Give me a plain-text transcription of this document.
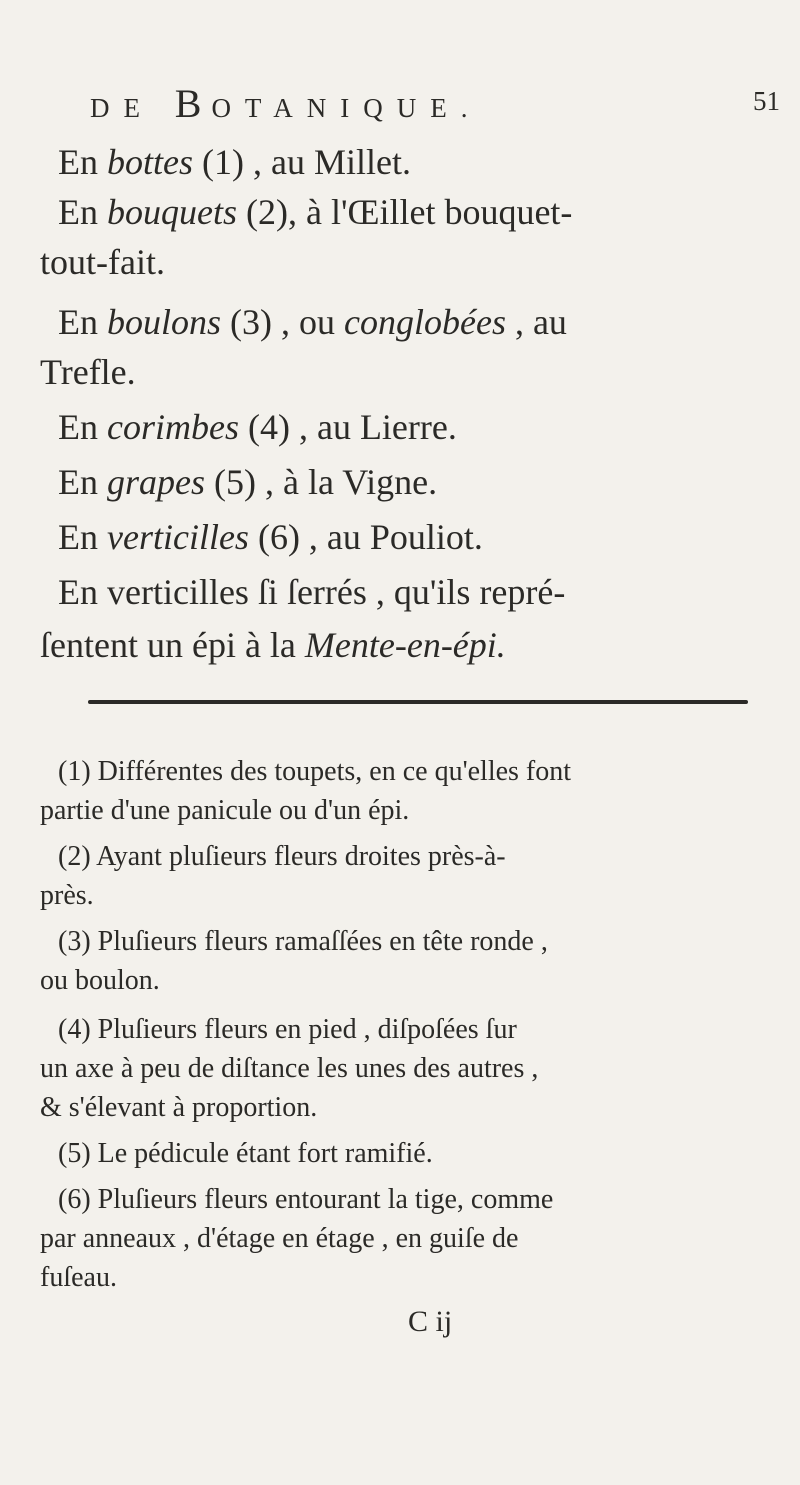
DE BOTANIQUE.	51
En bottes (1) , au Millet.
En bouquets (2), à l'Œillet bouquet-
tout-fait.
En boulons (3) , ou conglobées , au
Trefle.
En corimbes (4) , au Lierre.
En grapes (5) , à la Vigne.
En verticilles (6) , au Pouliot.
En verticilles ſi ſerrés , qu'ils repré-
ſentent un épi à la Mente-en-épi.
(1) Différentes des toupets, en ce qu'elles font
partie d'une panicule ou d'un épi.
(2) Ayant pluſieurs fleurs droites près-à-
près.
(3) Pluſieurs fleurs ramaſſées en tête ronde ,
ou boulon.
(4) Pluſieurs fleurs en pied , diſpoſées ſur
un axe à peu de diſtance les unes des autres ,
& s'élevant à proportion.
(5) Le pédicule étant fort ramifié.
(6) Pluſieurs fleurs entourant la tige, comme
par anneaux , d'étage en étage , en guiſe de
fuſeau.
C ij
